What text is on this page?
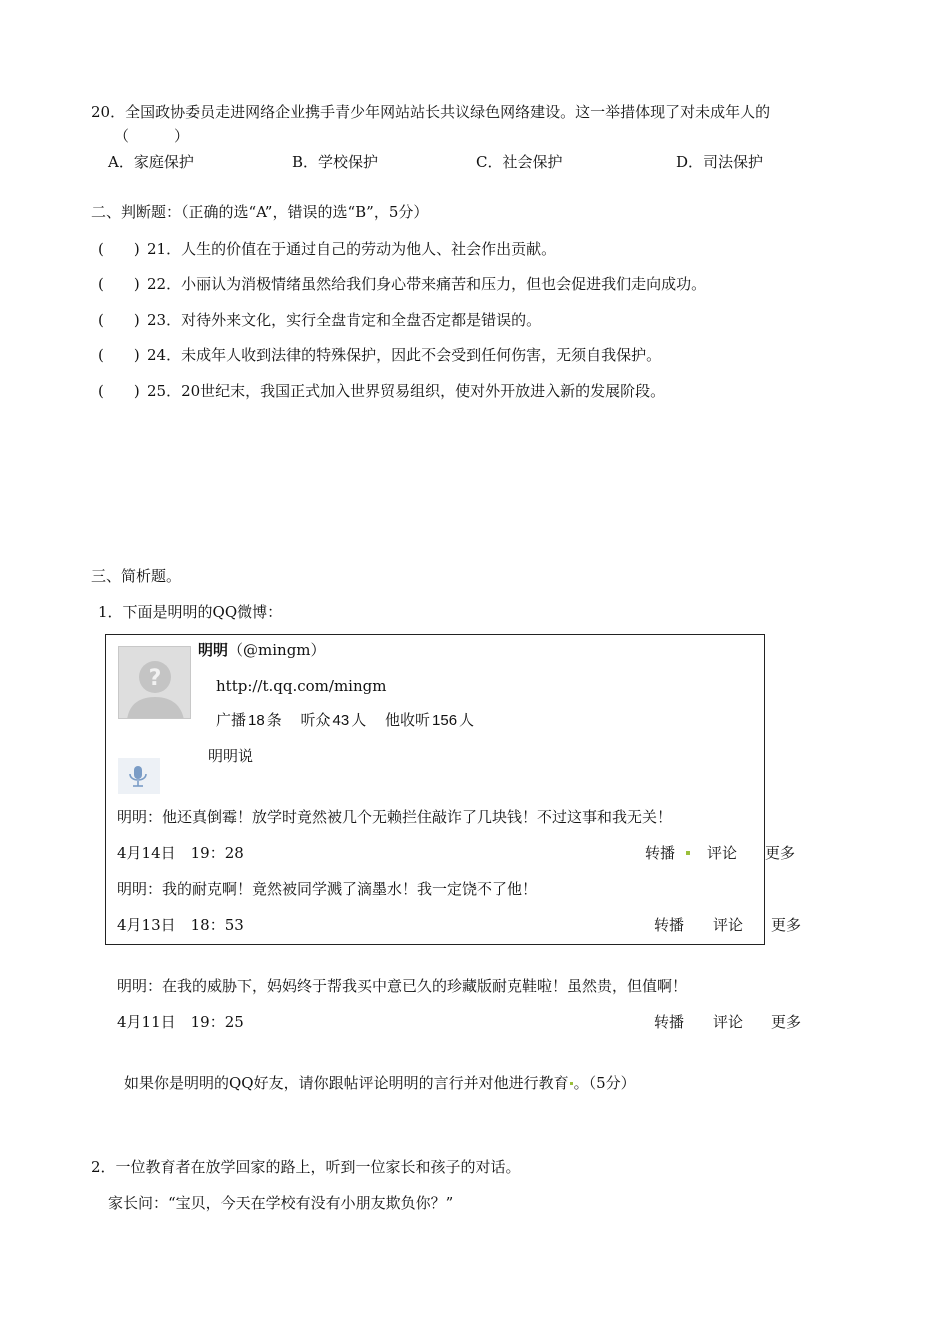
20．全国政协委员走进网络企业携手青少年网站站长共议绿色网络建设。这一举措体现了对未成年人的
（　　　）
A．家庭保护	B．学校保护	C．社会保护	D．司法保护
二、判断题：（正确的选“A”，错误的选“B”，5分）
(　　) 21．人生的价值在于通过自己的劳动为他人、社会作出贡献。
(　　) 22．小丽认为消极情绪虽然给我们身心带来痛苦和压力，但也会促进我们走向成功。
(　　) 23．对待外来文化，实行全盘肯定和全盘否定都是错误的。
(　　) 24．未成年人收到法律的特殊保护，因此不会受到任何伤害，无须自我保护。
(　　) 25．20世纪末，我国正式加入世界贸易组织，使对外开放进入新的发展阶段。
三、简析题。
1．下面是明明的QQ微博：
?
明明（@mingm）
http://t.qq.com/mingm
广播 18 条 听众 43 人 他收听 156 人
明明说
明明：他还真倒霉！放学时竟然被几个无赖拦住敲诈了几块钱！不过这事和我无关！
4月14日　19：28	转播 评论 更多
明明：我的耐克啊！竟然被同学溅了滴墨水！我一定饶不了他！
4月13日　18：53	转播 评论 更多
明明：在我的威胁下，妈妈终于帮我买中意已久的珍藏版耐克鞋啦！虽然贵，但值啊！
4月11日　19：25	转播 评论 更多
如果你是明明的QQ好友，请你跟帖评论明明的言行并对他进行教育 。（5分）
2．一位教育者在放学回家的路上，听到一位家长和孩子的对话。
家长问：“宝贝，今天在学校有没有小朋友欺负你？”
